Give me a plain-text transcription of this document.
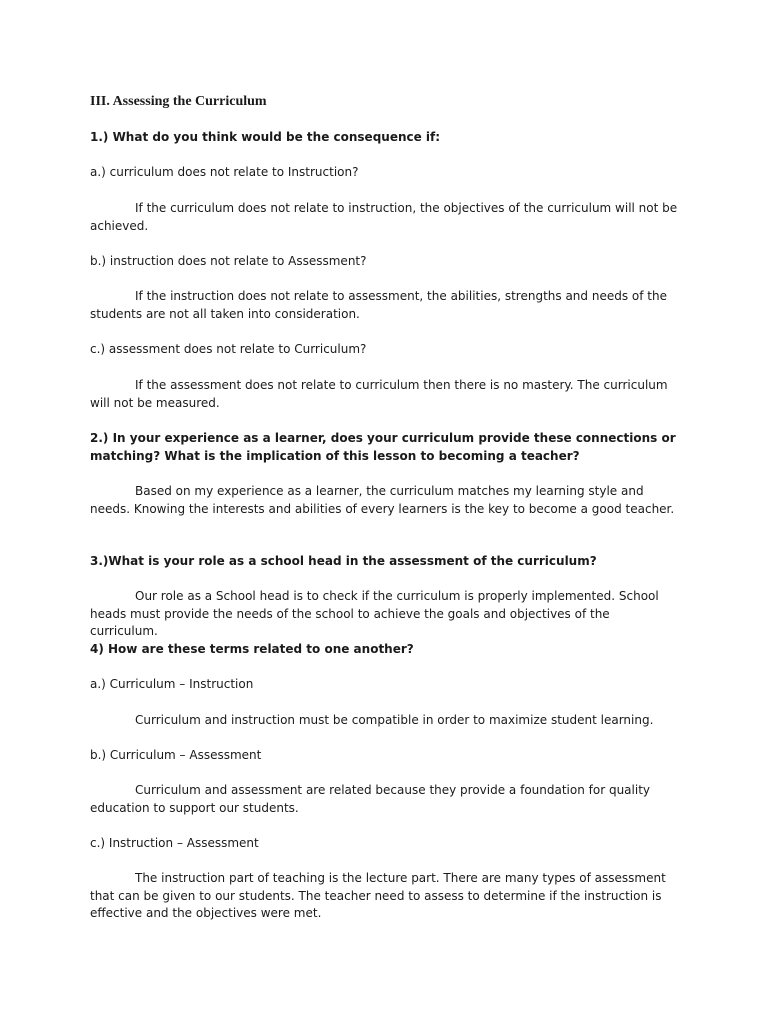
III. Assessing the Curriculum

1.) What do you think would be the consequence if:

a.) curriculum does not relate to Instruction?

If the curriculum does not relate to instruction, the objectives of the curriculum will not be achieved.

b.) instruction does not relate to Assessment?

If the instruction does not relate to assessment, the abilities, strengths and needs of the students are not all taken into consideration.

c.) assessment does not relate to Curriculum?

If the assessment does not relate to curriculum then there is no mastery. The curriculum will not be measured.

2.) In your experience as a learner, does your curriculum provide these connections or matching? What is the implication of this lesson to becoming a teacher?

Based on my experience as a learner, the curriculum matches my learning style and needs. Knowing the interests and abilities of every learners is the key to become a good teacher.

3.)What is your role as a school head in the assessment of the curriculum?

Our role as a School head is to check if the curriculum is properly implemented. School heads must provide the needs of the school to achieve the goals and objectives of the curriculum.

4) How are these terms related to one another?

a.) Curriculum – Instruction

Curriculum and instruction must be compatible in order to maximize student learning.

b.) Curriculum – Assessment

Curriculum and assessment are related because they provide a foundation for quality education to support our students.

c.) Instruction – Assessment

The instruction part of teaching is the lecture part. There are many types of assessment that can be given to our students. The teacher need to assess to determine if the instruction is effective and the objectives were met.
